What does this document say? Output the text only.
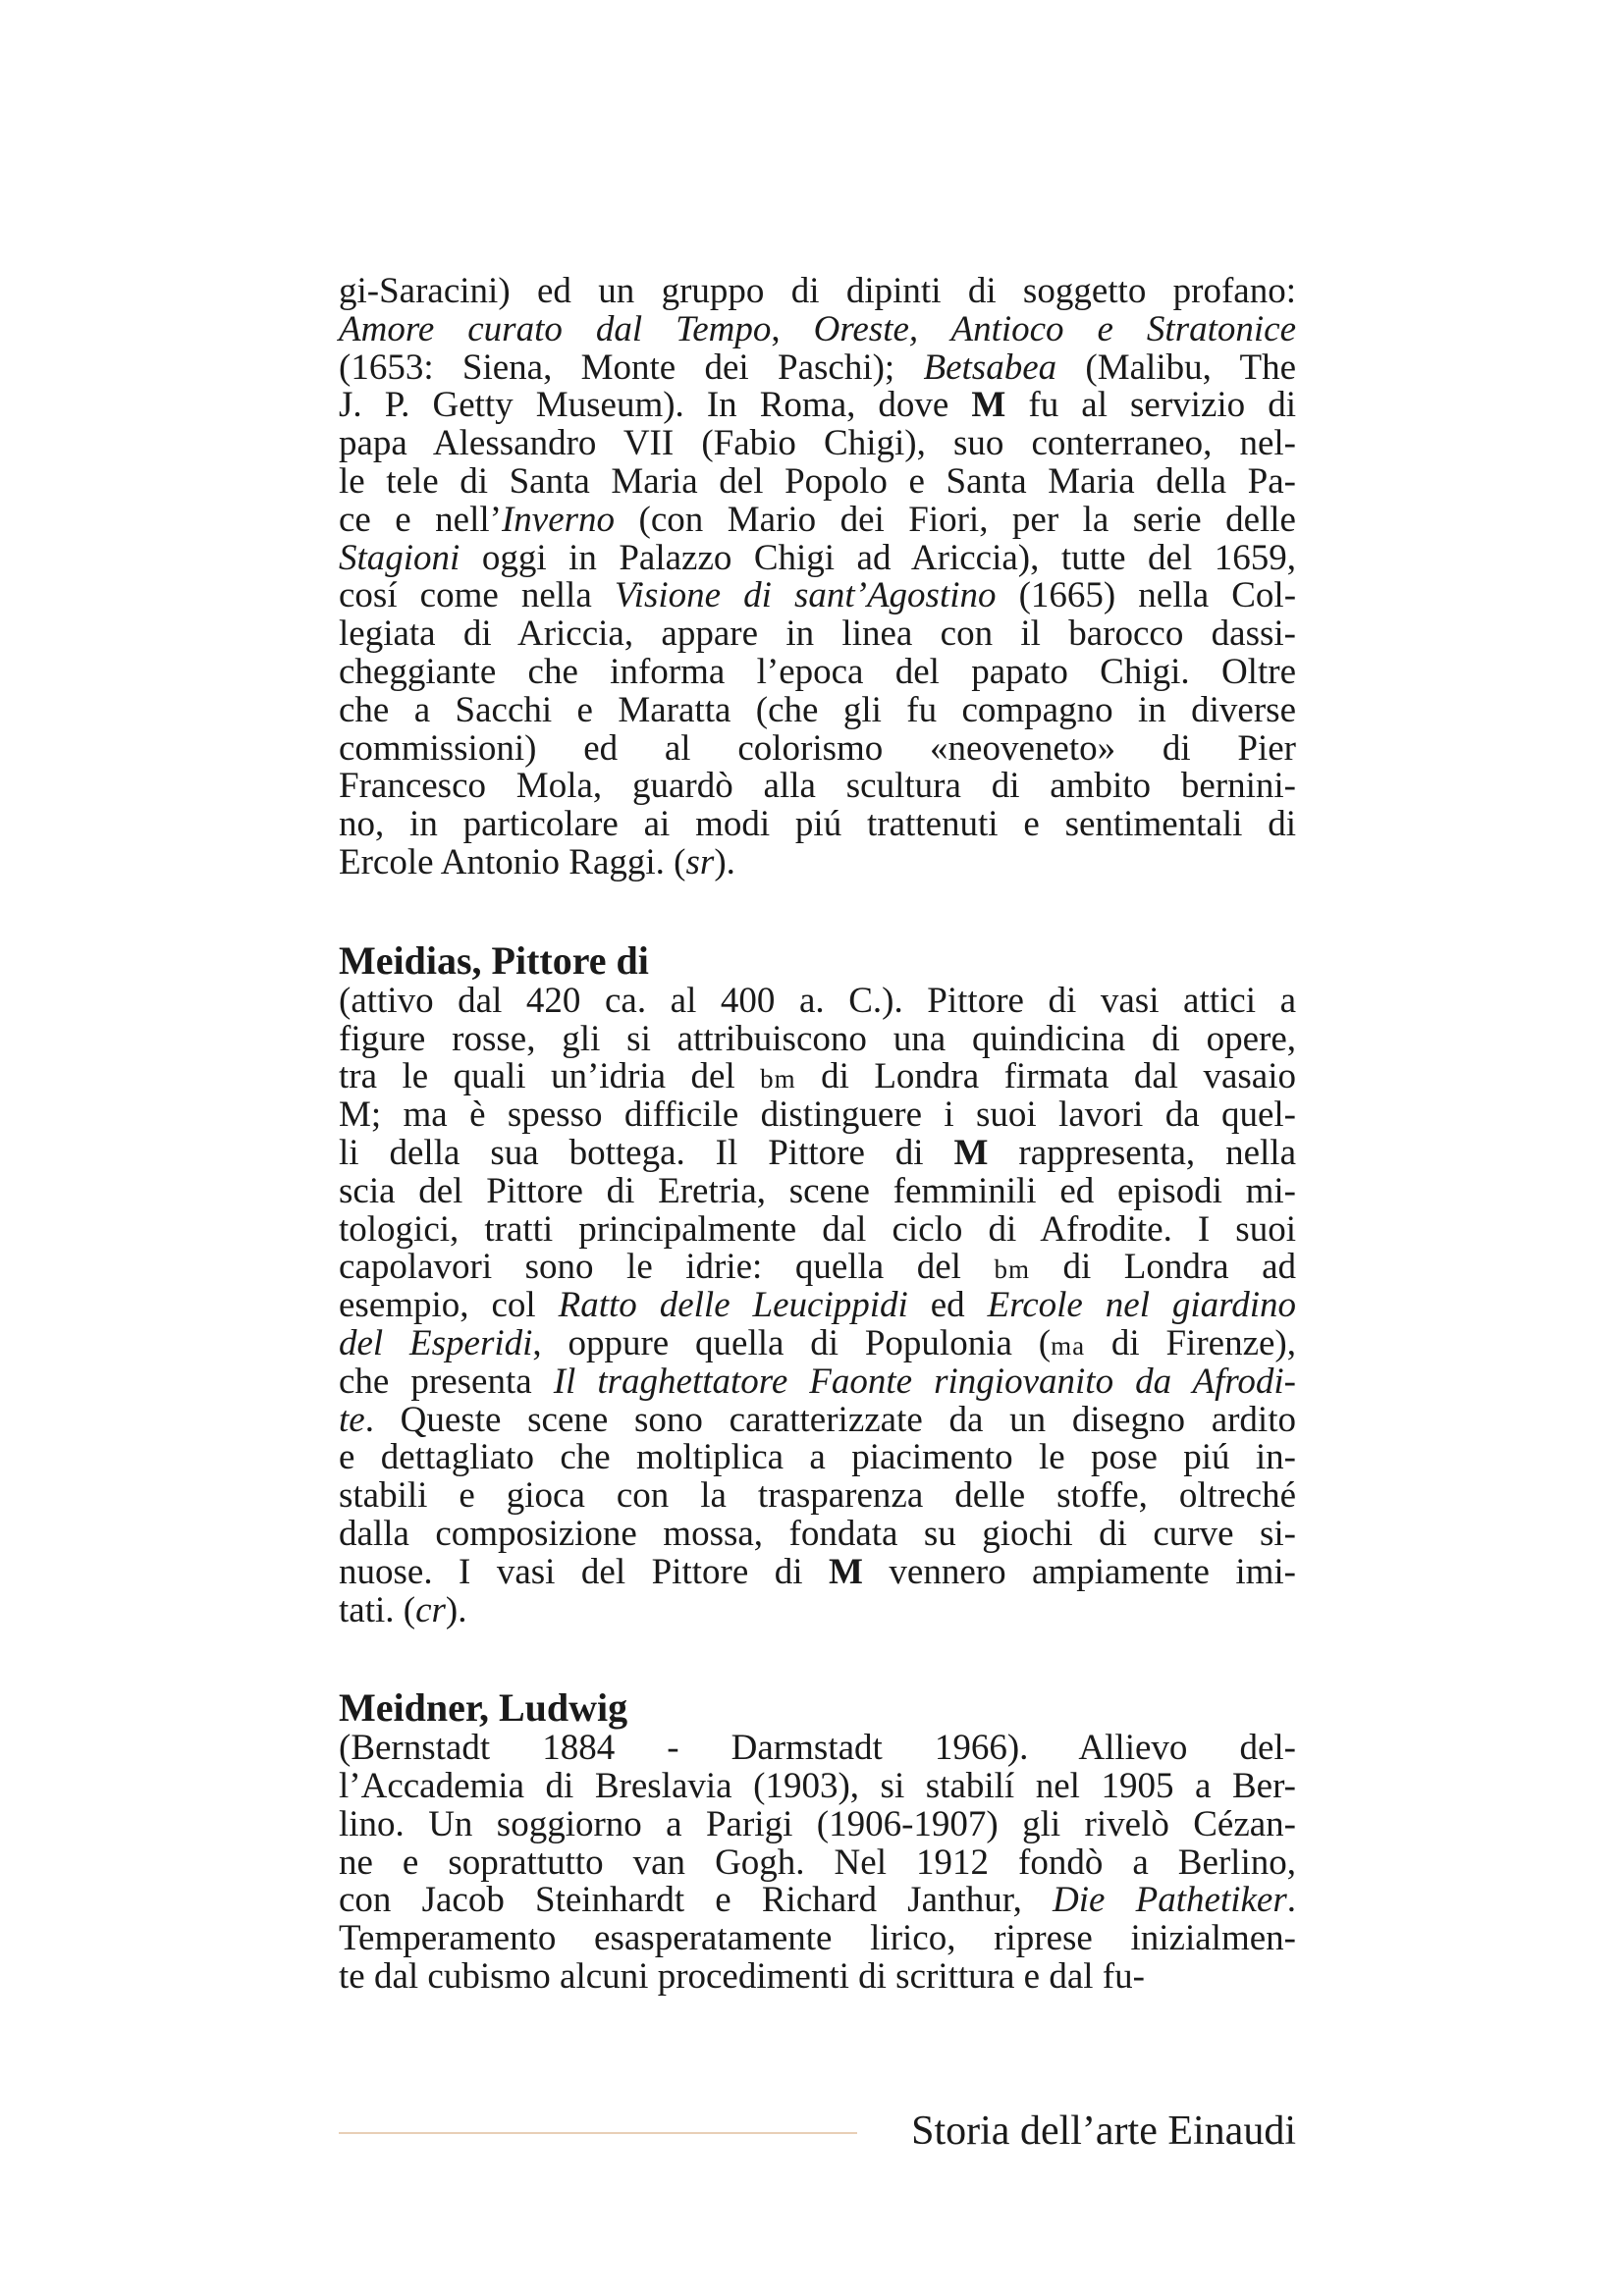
gi-Saracini) ed un gruppo di dipinti di soggetto profano:
Amore curato dal Tempo, Oreste, Antioco e Stratonice
(1653: Siena, Monte dei Paschi); Betsabea (Malibu, The
J. P. Getty Museum). In Roma, dove M fu al servizio di
papa Alessandro VII (Fabio Chigi), suo conterraneo, nel-
le tele di Santa Maria del Popolo e Santa Maria della Pa-
ce e nell’Inverno (con Mario dei Fiori, per la serie delle
Stagioni oggi in Palazzo Chigi ad Ariccia), tutte del 1659,
cosí come nella Visione di sant’Agostino (1665) nella Col-
legiata di Ariccia, appare in linea con il barocco dassi-
cheggiante che informa l’epoca del papato Chigi. Oltre
che a Sacchi e Maratta (che gli fu compagno in diverse
commissioni) ed al colorismo «neoveneto» di Pier
Francesco Mola, guardò alla scultura di ambito bernini-
no, in particolare ai modi piú trattenuti e sentimentali di
Ercole Antonio Raggi. (sr).
Meidias, Pittore di
(attivo dal 420 ca. al 400 a. C.). Pittore di vasi attici a
figure rosse, gli si attribuiscono una quindicina di opere,
tra le quali un’idria del bm di Londra firmata dal vasaio
M; ma è spesso difficile distinguere i suoi lavori da quel-
li della sua bottega. Il Pittore di M rappresenta, nella
scia del Pittore di Eretria, scene femminili ed episodi mi-
tologici, tratti principalmente dal ciclo di Afrodite. I suoi
capolavori sono le idrie: quella del bm di Londra ad
esempio, col Ratto delle Leucippidi ed Ercole nel giardino
del Esperidi, oppure quella di Populonia (ma di Firenze),
che presenta Il traghettatore Faonte ringiovanito da Afrodi-
te. Queste scene sono caratterizzate da un disegno ardito
e dettagliato che moltiplica a piacimento le pose piú in-
stabili e gioca con la trasparenza delle stoffe, oltreché
dalla composizione mossa, fondata su giochi di curve si-
nuose. I vasi del Pittore di M vennero ampiamente imi-
tati. (cr).
Meidner, Ludwig
(Bernstadt 1884 - Darmstadt 1966). Allievo del-
l’Accademia di Breslavia (1903), si stabilí nel 1905 a Ber-
lino. Un soggiorno a Parigi (1906-1907) gli rivelò Cézan-
ne e soprattutto van Gogh. Nel 1912 fondò a Berlino,
con Jacob Steinhardt e Richard Janthur, Die Pathetiker.
Temperamento esasperatamente lirico, riprese inizialmen-
te dal cubismo alcuni procedimenti di scrittura e dal fu-
Storia dell’arte Einaudi
